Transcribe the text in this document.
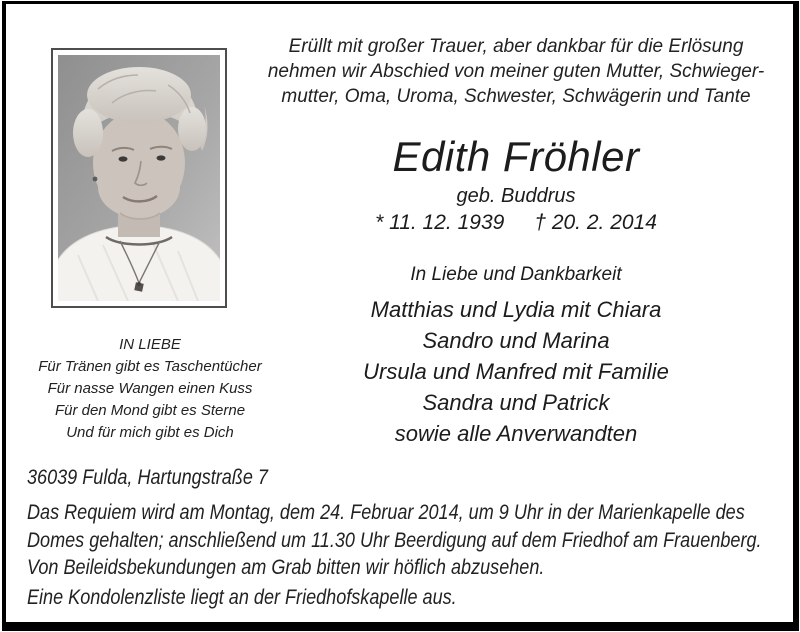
Erüllt mit großer Trauer, aber dankbar für die Erlösung
nehmen wir Abschied von meiner guten Mutter, Schwieger-
mutter, Oma, Uroma, Schwester, Schwägerin und Tante
Edith Fröhler
geb. Buddrus
* 11. 12. 1939 † 20. 2. 2014
In Liebe und Dankbarkeit
Matthias und Lydia mit Chiara
Sandro und Marina
Ursula und Manfred mit Familie
Sandra und Patrick
sowie alle Anverwandten
IN LIEBE
Für Tränen gibt es Taschentücher
Für nasse Wangen einen Kuss
Für den Mond gibt es Sterne
Und für mich gibt es Dich
36039 Fulda, Hartungstraße 7
Das Requiem wird am Montag, dem 24. Februar 2014, um 9 Uhr in der Marienkapelle des
Domes gehalten; anschließend um 11.30 Uhr Beerdigung auf dem Friedhof am Frauenberg.
Von Beileidsbekundungen am Grab bitten wir höflich abzusehen.
Eine Kondolenzliste liegt an der Friedhofskapelle aus.
